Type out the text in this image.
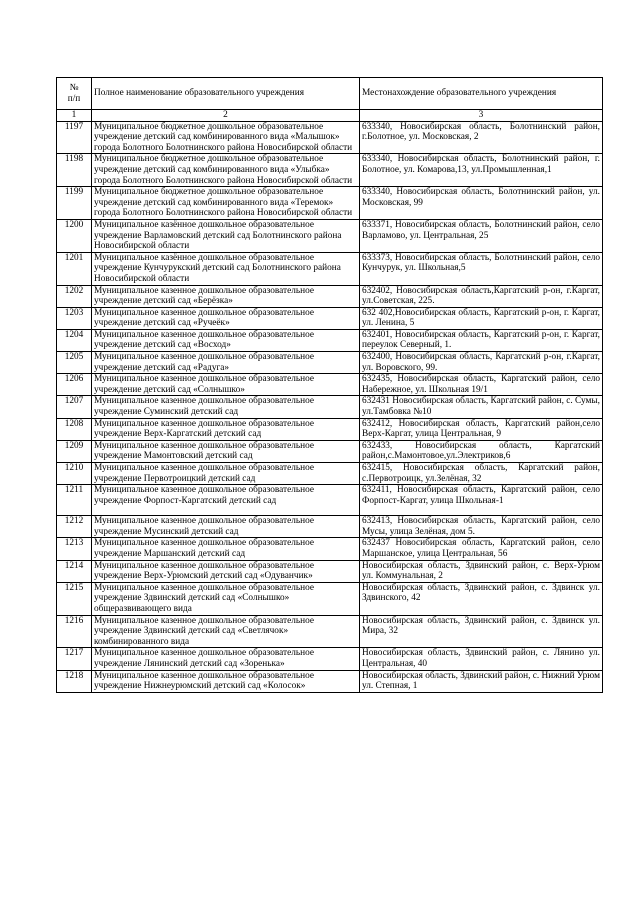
№
п/п	Полное наименование образовательного учреждения	Местонахождение образовательного учреждения
1	2	3
1197	Муниципальное бюджетное дошкольное образовательное учреждение детский сад комбинированного вида «Малышок» города Болотного Болотнинского района Новосибирской области	633340, Новосибирская область, Болотнинский район, г.Болотное, ул. Московская, 2
1198	Муниципальное бюджетное дошкольное образовательное учреждение детский сад комбинированного вида «Улыбка» города Болотного Болотнинского района Новосибирской области	633340, Новосибирская область, Болотнинский район, г. Болотное, ул. Комарова,13, ул.Промышленная,1
1199	Муниципальное бюджетное дошкольное образовательное учреждение детский сад комбинированного вида «Теремок» города Болотного Болотнинского района Новосибирской области	633340, Новосибирская область, Болотнинский район, ул. Московская, 99
1200	Муниципальное казённое дошкольное образовательное учреждение Варламовский детский сад Болотнинского района Новосибирской области	633371, Новосибирская область, Болотнинский район, село Варламово, ул. Центральная, 25
1201	Муниципальное казённое дошкольное образовательное учреждение Кунчурукский детский сад Болотнинского района Новосибирской области	633373, Новосибирская область, Болотнинский район, село Кунчурук, ул. Школьная,5
1202	Муниципальное казенное дошкольное образовательное учреждение детский сад «Берёзка»	632402, Новосибирская область,Каргатский р-он, г.Каргат, ул.Советская, 225.
1203	Муниципальное казенное дошкольное образовательное учреждение детский сад «Ручеёк»	632 402,Новосибирская область, Каргатский р-он, г. Каргат, ул. Ленина, 5
1204	Муниципальное казенное дошкольное образовательное учреждение детский сад «Восход»	632401, Новосибирская область, Каргатский р-он, г. Каргат, переулок Северный, 1.
1205	Муниципальное казенное дошкольное образовательное учреждение детский сад «Радуга»	632400, Новосибирская область, Каргатский р-он, г.Каргат, ул. Воровского, 99.
1206	Муниципальное казенное дошкольное образовательное учреждение детский сад «Солнышко»	632435, Новосибирская область, Каргатский район, село Набережное, ул. Школьная 19/1
1207	Муниципальное казенное дошкольное образовательное учреждение Суминский детский сад	632431 Новосибирская область, Каргатский район, с. Сумы, ул.Тамбовка №10
1208	Муниципальное казенное дошкольное образовательное учреждение Верх-Каргатский детский сад	632412, Новосибирская область, Каргатский район,село Верх-Каргат, улица Центральная, 9
1209	Муниципальное казенное дошкольное образовательное учреждение Мамонтовский детский сад	632433, Новосибирская область, Каргатский район,с.Мамонтовое,ул.Электриков,6
1210	Муниципальное казенное дошкольное образовательное учреждение Первотроицкий детский сад	632415, Новосибирская область, Каргатский район, с.Первотроицк, ул.Зелёная, 32
1211	Муниципальное казенное дошкольное образовательное учреждение Форпост-Каргатский детский сад	632411, Новосибирская область, Каргатский район, село Форпост-Каргат, улица Школьная-1
1212	Муниципальное казенное дошкольное образовательное учреждение Мусинский детский сад	632413, Новосибирская область, Каргатский район, село Мусы, улица Зелёная, дом 5.
1213	Муниципальное казенное дошкольное образовательное учреждение Маршанский детский сад	632437 Новосибирская область, Каргатский район, село Маршанское, улица Центральная, 56
1214	Муниципальное казенное дошкольное образовательное учреждение Верх-Урюмский детский сад «Одуванчик»	Новосибирская область, Здвинский район, с. Верх-Урюм ул. Коммунальная, 2
1215	Муниципальное казенное дошкольное образовательное учреждение Здвинский детский сад «Солнышко» общеразвивающего вида	Новосибирская область, Здвинский район, с. Здвинск ул. Здвинского, 42
1216	Муниципальное казенное дошкольное образовательное учреждение Здвинский детский сад «Светлячок» комбинированного вида	Новосибирская область, Здвинский район, с. Здвинск ул. Мира, 32
1217	Муниципальное казенное дошкольное образовательное учреждение Лянинский детский сад «Зоренька»	Новосибирская область, Здвинский район, с. Лянино ул. Центральная, 40
1218	Муниципальное казенное дошкольное образовательное учреждение Нижнеурюмский детский сад «Колосок»	Новосибирская область, Здвинский район, с. Нижний Урюм ул. Степная, 1
